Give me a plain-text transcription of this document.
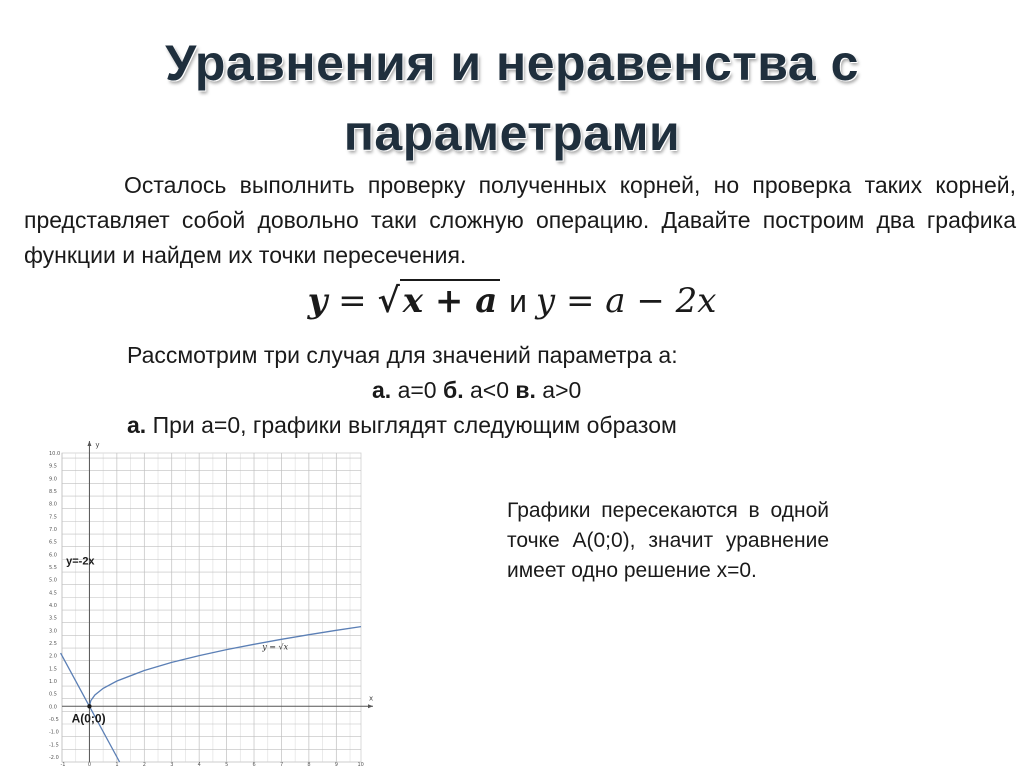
Уравнения и неравенства с
параметрами
Осталось выполнить проверку полученных корней, но проверка таких корней, представляет собой довольно таки сложную операцию. Давайте построим два графика функции и найдем их точки пересечения.
y = √x + a и y = a − 2x
Рассмотрим три случая для значений параметра а:
а. а=0 б. а<0 в. а>0
а. При а=0, графики выглядят следующим образом
Графики пересекаются в одной точке А(0;0), значит уравнение имеет одно решение х=0.
x
y
-2.0
-1.5
-1.0
-0.5
0.0
0.5
1.0
1.5
2.0
2.5
3.0
3.5
4.0
4.5
5.0
5.5
6.0
6.5
7.0
7.5
8.0
8.5
9.0
9.5
10.0
-1	0	1	2	3	4	5	6	7	8	9	10
y=-2x
y = √x
A(0;0)
